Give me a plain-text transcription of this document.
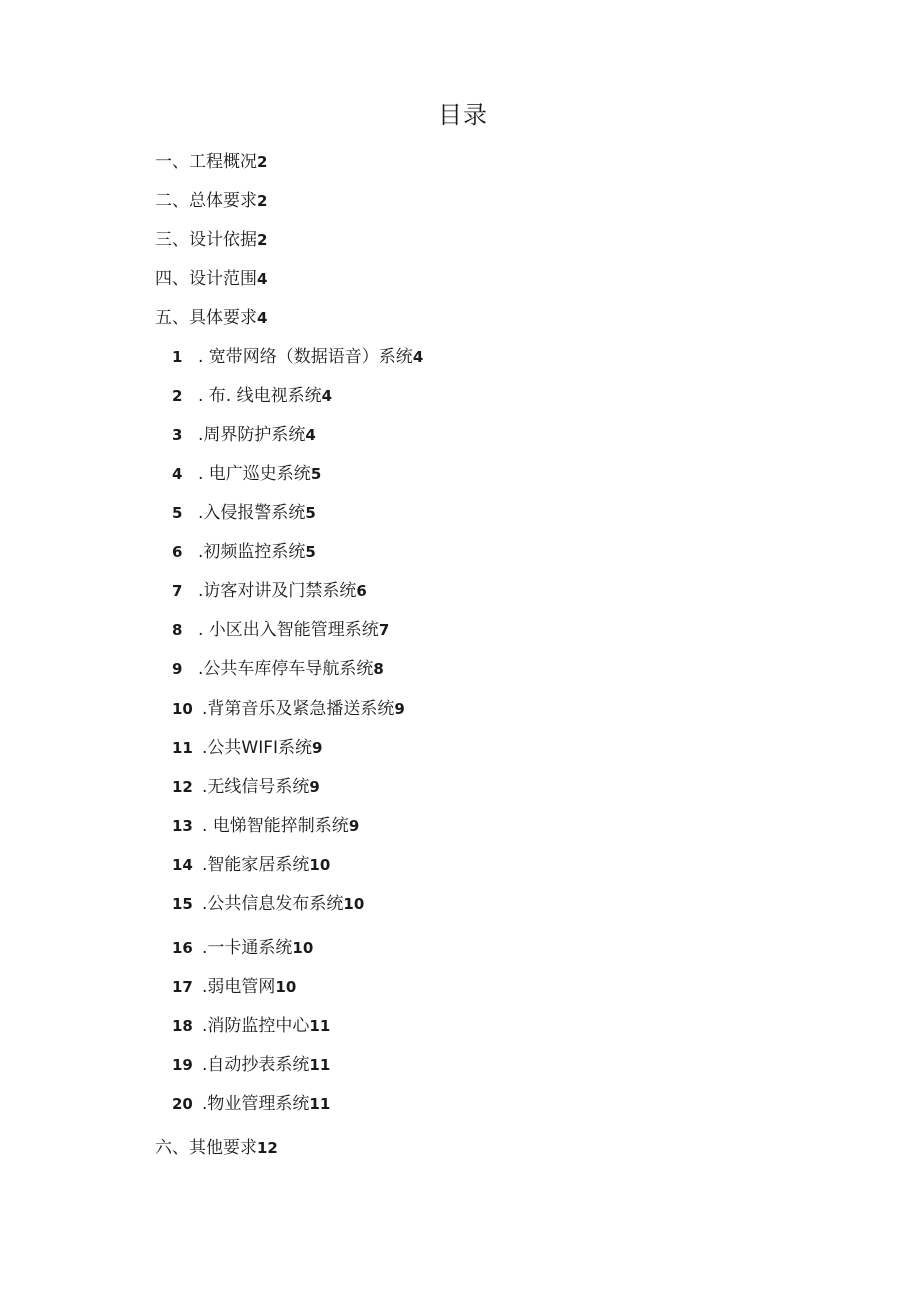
目录
一、工程概况2
二、总体要求2
三、设计依据2
四、设计范围4
五、具体要求4
1 . 宽带网络（数据语音）系统4
2 . 布. 线电视系统4
3 .周界防护系统4
4 . 电广巡史系统5
5 .入侵报警系统5
6 .初频监控系统5
7 .访客对讲及门禁系统6
8 . 小区出入智能管理系统7
9 .公共车库停车导航系统8
10 .背第音乐及紧急播送系统9
11 .公共WIFI系统9
12 .无线信号系统9
13 . 电悌智能捽制系统9
14 .智能家居系统10
15 .公共信息发布系统10
16 .一卡通系统10
17 .弱电管网10
18 .消防监控中心11
19 .自动抄表系统11
20 .物业管理系统11
六、其他要求12
